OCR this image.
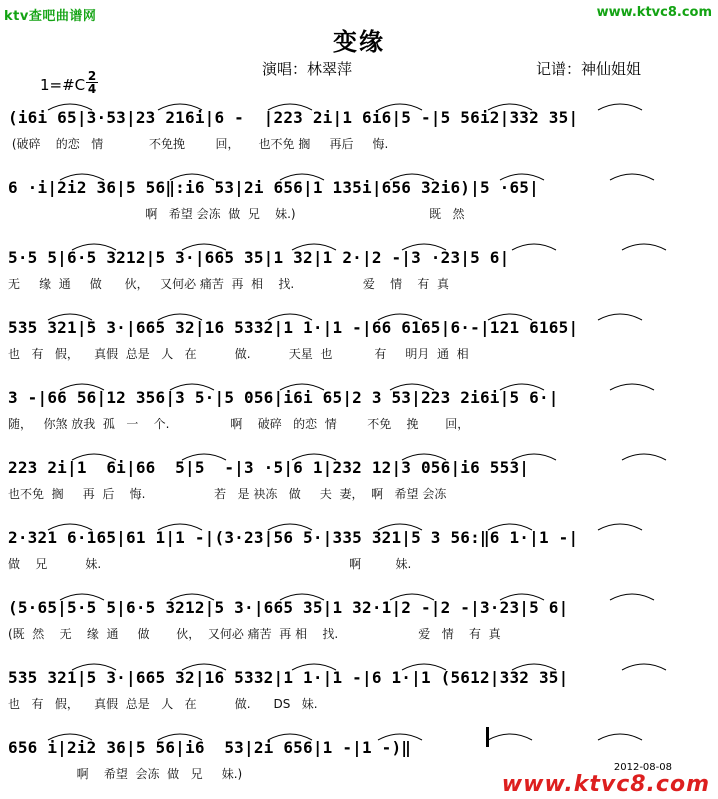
ktv查吧曲谱网	www.ktvc8.com
变缘
演唱：林翠萍	记谱：神仙姐姐
1=#C $\frac{2}{4}$
(i6i 65|3·53|23 216i|6 -  |223 2i|1 6i6|5 -|5 56i2|332 35|
(破碎    的恋   情            不免挽        回，     也不免 搁     再后     悔.
6 ·i|2i2 36|5 56‖:i6 53|2i 656|1 135i|656 32i6)|5 ·65|
啊   希望 会冻  做  兄    妹.)                                   既   然
5·5 5|6·5 3212|5 3·|665 35|1 32|1 2·|2 -|3 ·23|5 6|
无     缘  通     做      伙，   又何必 痛苦  再  相    找.                  爱    情    有  真
535 321|5 3·|665 32|16 5332|1 1·|1 -|66 6165|6·-|121 6165|
也   有   假，    真假  总是   人   在          做.          天星  也           有     明月  通  相
3 -|66 56|12 356|3 5·|5 056|i6i 65|2 3 53|223 2i6i|5 6·|
随，   你煞 放我  孤   一    个.                啊    破碎   的恋  情        不免    挽       回，
223 2i|1  6i|66  5|5  -|3 ·5|6 1|232 12|3 056|i6 553|
也不免  搁     再  后    悔.                  若   是 袂冻   做     夫  妻，  啊   希望 会冻
2·321 6·165|61 1|1 -|(3·23|56 5·|335 321|5 3 56:‖6 1·|1 -|
做    兄          妹.                                                                 啊         妹.
(5·65|5·5 5|6·5 3212|5 3·|665 35|1 32·1|2 -|2 -|3·23|5 6|
(既  然    无    缘  通     做       伙，  又何必 痛苦  再 相    找.                     爱   情    有  真
535 321|5 3·|665 32|16 5332|1 1·|1 -|6 1·|1 (5612|332 35|
也   有   假，    真假  总是   人   在          做.      DS   妹.
656 i|2i2 36|5 56|i6  53|2i 656|1 -|1 -)‖
啊    希望  会冻  做   兄     妹.)	2012-08-08
www.ktvc8.com
